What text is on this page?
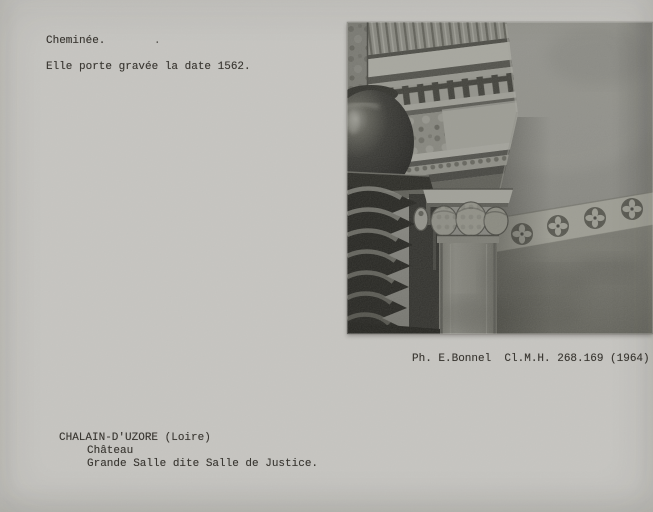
Cheminée.	.
Elle porte gravée la date 1562.
Ph. E.Bonnel  Cl.M.H. 268.169 (1964)
CHALAIN-D'UZORE (Loire)
Château
Grande Salle dite Salle de Justice.
